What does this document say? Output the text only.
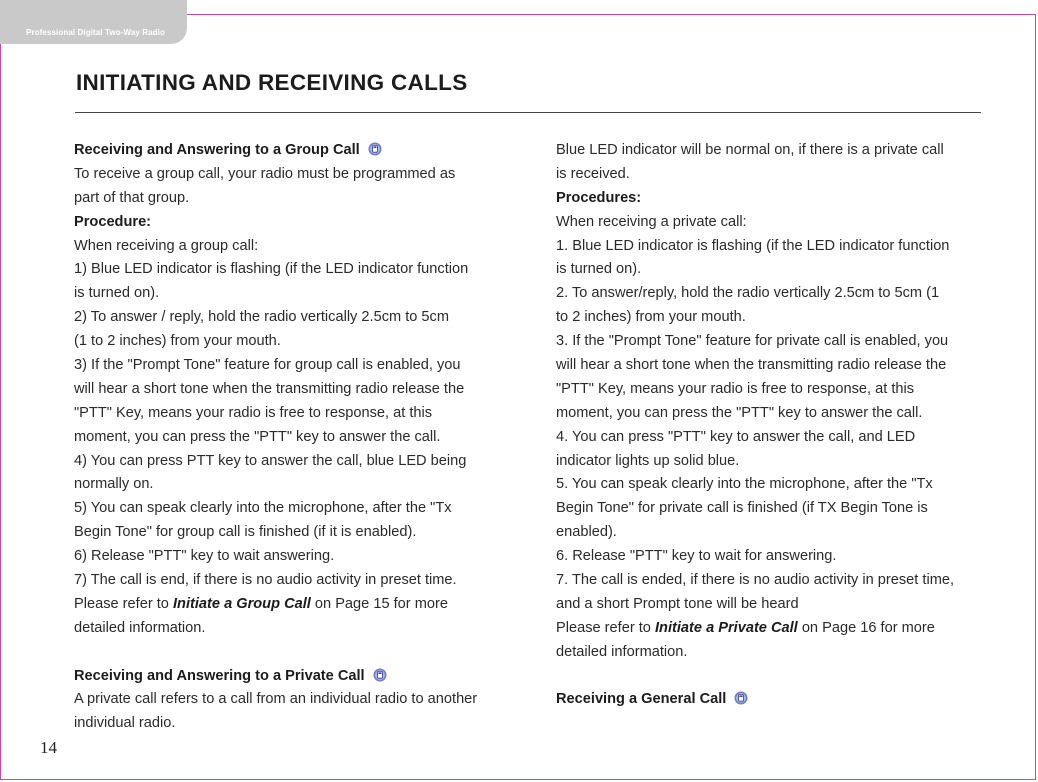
Professional Digital Two-Way Radio
INITIATING AND RECEIVING CALLS
Receiving and Answering to a Group Call
To receive a group call, your radio must be programmed as
part of that group.
Procedure:
When receiving a group call:
1) Blue LED indicator is flashing (if the LED indicator function
is turned on).
2) To answer / reply, hold the radio vertically 2.5cm to 5cm
(1 to 2 inches) from your mouth.
3) If the "Prompt Tone" feature for group call is enabled, you
will hear a short tone when the transmitting radio release the
"PTT" Key, means your radio is free to response, at this
moment, you can press the "PTT" key to answer the call.
4) You can press PTT key to answer the call, blue LED being
normally on.
5) You can speak clearly into the microphone, after the "Tx
Begin Tone" for group call is finished (if it is enabled).
6) Release "PTT" key to wait answering.
7) The call is end, if there is no audio activity in preset time.
Please refer to Initiate a Group Call on Page 15 for more
detailed information.
Receiving and Answering to a Private Call
A private call refers to a call from an individual radio to another
individual radio.
Blue LED indicator will be normal on, if there is a private call
is received.
Procedures:
When receiving a private call:
1. Blue LED indicator is flashing (if the LED indicator function
is turned on).
2. To answer/reply, hold the radio vertically 2.5cm to 5cm (1
to 2 inches) from your mouth.
3. If the "Prompt Tone" feature for private call is enabled, you
will hear a short tone when the transmitting radio release the
"PTT" Key, means your radio is free to response, at this
moment, you can press the "PTT" key to answer the call.
4. You can press "PTT" key to answer the call, and LED
indicator lights up solid blue.
5. You can speak clearly into the microphone, after the "Tx
Begin Tone" for private call is finished (if TX Begin Tone is
enabled).
6. Release "PTT" key to wait for answering.
7. The call is ended, if there is no audio activity in preset time,
and a short Prompt tone will be heard
Please refer to Initiate a Private Call on Page 16 for more
detailed information.
Receiving a General Call
14
